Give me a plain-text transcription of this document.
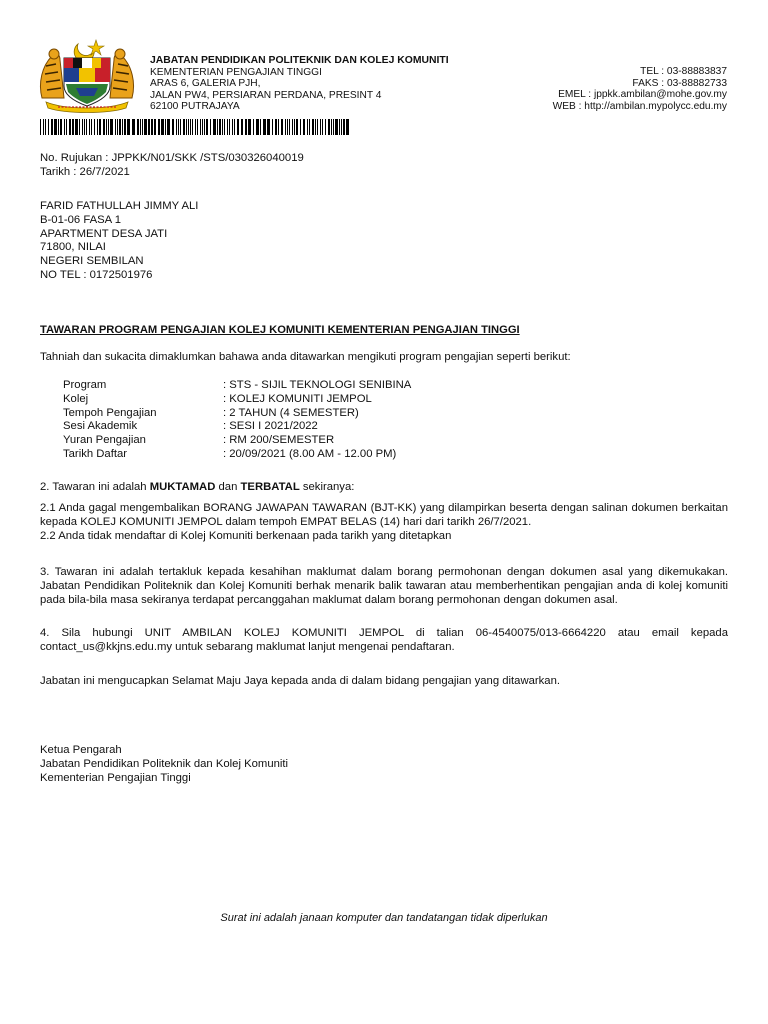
JABATAN PENDIDIKAN POLITEKNIK DAN KOLEJ KOMUNITI
KEMENTERIAN PENGAJIAN TINGGI
ARAS 6, GALERIA PJH,
JALAN PW4, PERSIARAN PERDANA, PRESINT 4
62100 PUTRAJAYA
TEL : 03-88883837
FAKS : 03-88882733
EMEL : jppkk.ambilan@mohe.gov.my
WEB : http://ambilan.mypolycc.edu.my
No. Rujukan : JPPKK/N01/SKK /STS/030326040019
Tarikh : 26/7/2021
FARID FATHULLAH JIMMY ALI
B-01-06 FASA 1
APARTMENT DESA JATI
71800, NILAI
NEGERI SEMBILAN
NO TEL : 0172501976
TAWARAN PROGRAM PENGAJIAN KOLEJ KOMUNITI KEMENTERIAN PENGAJIAN TINGGI
Tahniah dan sukacita dimaklumkan bahawa anda ditawarkan mengikuti program pengajian seperti berikut:
Program	: STS - SIJIL TEKNOLOGI SENIBINA
Kolej	: KOLEJ KOMUNITI JEMPOL
Tempoh Pengajian	: 2 TAHUN (4 SEMESTER)
Sesi Akademik	: SESI I 2021/2022
Yuran Pengajian	: RM 200/SEMESTER
Tarikh Daftar	: 20/09/2021 (8.00 AM - 12.00 PM)
2. Tawaran ini adalah MUKTAMAD dan TERBATAL sekiranya:
2.1 Anda gagal mengembalikan BORANG JAWAPAN TAWARAN (BJT-KK) yang dilampirkan beserta dengan salinan dokumen berkaitan kepada KOLEJ KOMUNITI JEMPOL dalam tempoh EMPAT BELAS (14) hari dari tarikh 26/7/2021.
2.2 Anda tidak mendaftar di Kolej Komuniti berkenaan pada tarikh yang ditetapkan
3. Tawaran ini adalah tertakluk kepada kesahihan maklumat dalam borang permohonan dengan dokumen asal yang dikemukakan. Jabatan Pendidikan Politeknik dan Kolej Komuniti berhak menarik balik tawaran atau memberhentikan pengajian anda di kolej komuniti pada bila-bila masa sekiranya terdapat percanggahan maklumat dalam borang permohonan dengan dokumen asal.
4. Sila hubungi UNIT AMBILAN KOLEJ KOMUNITI JEMPOL di talian 06-4540075/013-6664220 atau email kepada contact_us@kkjns.edu.my untuk sebarang maklumat lanjut mengenai pendaftaran.
Jabatan ini mengucapkan Selamat Maju Jaya kepada anda di dalam bidang pengajian yang ditawarkan.
Ketua Pengarah
Jabatan Pendidikan Politeknik dan Kolej Komuniti
Kementerian Pengajian Tinggi
Surat ini adalah janaan komputer dan tandatangan tidak diperlukan
